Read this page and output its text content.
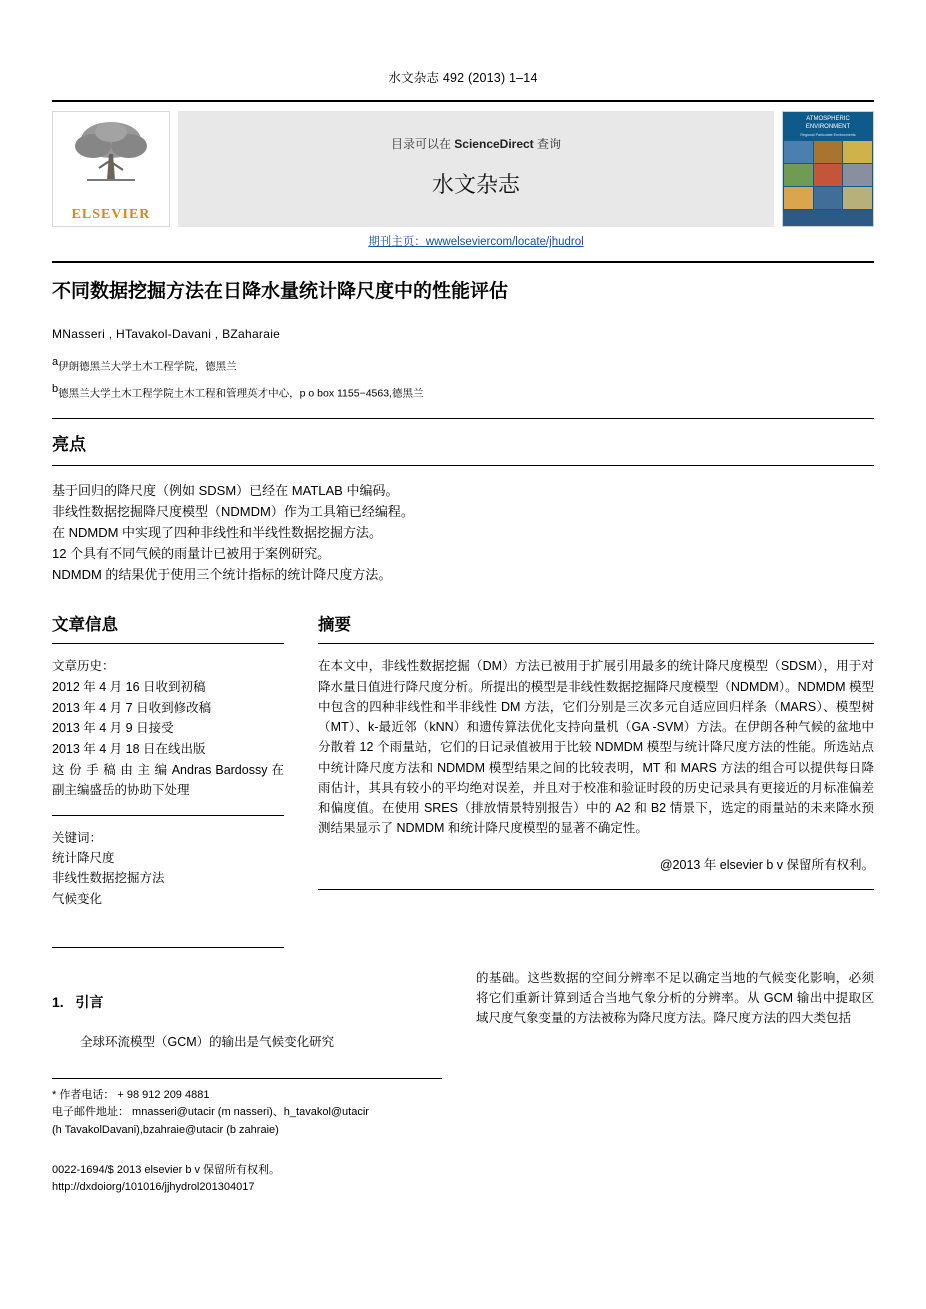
水文杂志 492 (2013) 1–14
ELSEVIER
目录可以在 ScienceDirect 查询
水文杂志
期刊主页：wwwelseviercom/locate/jhudrol
ATMOSPHERIC ENVIRONMENT
Regional Particulate Environments
不同数据挖掘方法在日降水量统计降尺度中的性能评估
MNasseri , HTavakol-Davani , BZaharaie
a伊朗德黑兰大学土木工程学院，德黑兰
b德黑兰大学土木工程学院土木工程和管理英才中心，p o box 1155−4563,德黑兰
亮点
基于回归的降尺度（例如 SDSM）已经在 MATLAB 中编码。
非线性数据挖掘降尺度模型（NDMDM）作为工具箱已经编程。
在 NDMDM 中实现了四种非线性和半线性数据挖掘方法。
12 个具有不同气候的雨量计已被用于案例研究。
NDMDM 的结果优于使用三个统计指标的统计降尺度方法。
文章信息
文章历史：
2012 年 4 月 16 日收到初稿
2013 年 4 月 7 日收到修改稿
2013 年 4 月 9 日接受
2013 年 4 月 18 日在线出版
这 份 手 稿 由 主 编 Andras Bardossy 在副主编盛岳的协助下处理
关键词：
统计降尺度
非线性数据挖掘方法
气候变化
摘要
在本文中，非线性数据挖掘（DM）方法已被用于扩展引用最多的统计降尺度模型（SDSM），用于对降水量日值进行降尺度分析。所提出的模型是非线性数据挖掘降尺度模型（NDMDM）。NDMDM 模型中包含的四种非线性和半非线性 DM 方法，它们分别是三次多元自适应回归样条（MARS）、模型树（MT）、k-最近邻（kNN）和遗传算法优化支持向量机（GA -SVM）方法。在伊朗各种气候的盆地中分散着 12 个雨量站，它们的日记录值被用于比较 NDMDM 模型与统计降尺度方法的性能。所选站点中统计降尺度方法和 NDMDM 模型结果之间的比较表明，MT 和 MARS 方法的组合可以提供每日降雨估计，其具有较小的平均绝对误差，并且对于校准和验证时段的历史记录具有更接近的月标准偏差和偏度值。在使用 SRES（排放情景特别报告）中的 A2 和 B2 情景下，选定的雨量站的未来降水预测结果显示了 NDMDM 和统计降尺度模型的显著不确定性。
@2013 年 elsevier b v 保留所有权利。
1. 引言
全球环流模型（GCM）的输出是气候变化研究
* 作者电话： + 98 912 209 4881
电子邮件地址： mnasseri@utacir (m nasseri)、h_tavakol@utacir
(h TavakolDavani),bzahraie@utacir (b zahraie)
0022-1694/$ 2013 elsevier b v 保留所有权利。
http://dxdoiorg/101016/jjhydrol201304017
的基础。这些数据的空间分辨率不足以确定当地的气候变化影响，必须将它们重新计算到适合当地气象分析的分辨率。从 GCM 输出中提取区域尺度气象变量的方法被称为降尺度方法。降尺度方法的四大类包括
